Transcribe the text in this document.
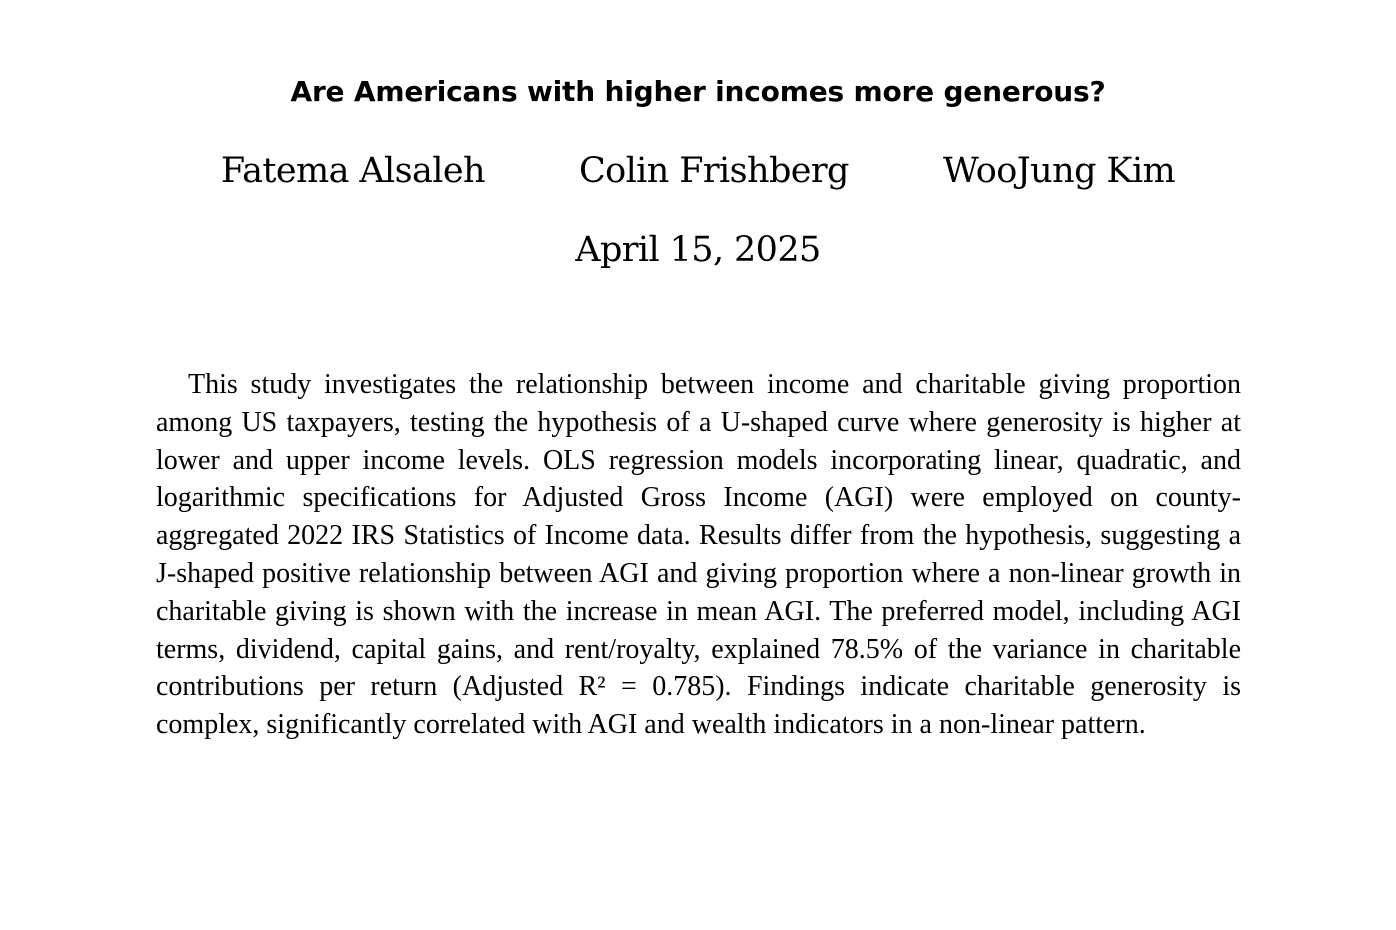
Are Americans with higher incomes more generous?
Fatema Alsaleh	Colin Frishberg	WooJung Kim
April 15, 2025

This study investigates the relationship between income and charitable giving proportion among US taxpayers, testing the hypothesis of a U-shaped curve where generosity is higher at lower and upper income levels. OLS regression models incorporating linear, quadratic, and logarithmic specifications for Adjusted Gross Income (AGI) were employed on county-aggregated 2022 IRS Statistics of Income data. Results differ from the hypothesis, suggesting a J-shaped positive relationship between AGI and giving proportion where a non-linear growth in charitable giving is shown with the increase in mean AGI. The preferred model, including AGI terms, dividend, capital gains, and rent/royalty, explained 78.5% of the variance in charitable contributions per return (Adjusted R² = 0.785). Findings indicate charitable generosity is complex, significantly correlated with AGI and wealth indicators in a non-linear pattern.
